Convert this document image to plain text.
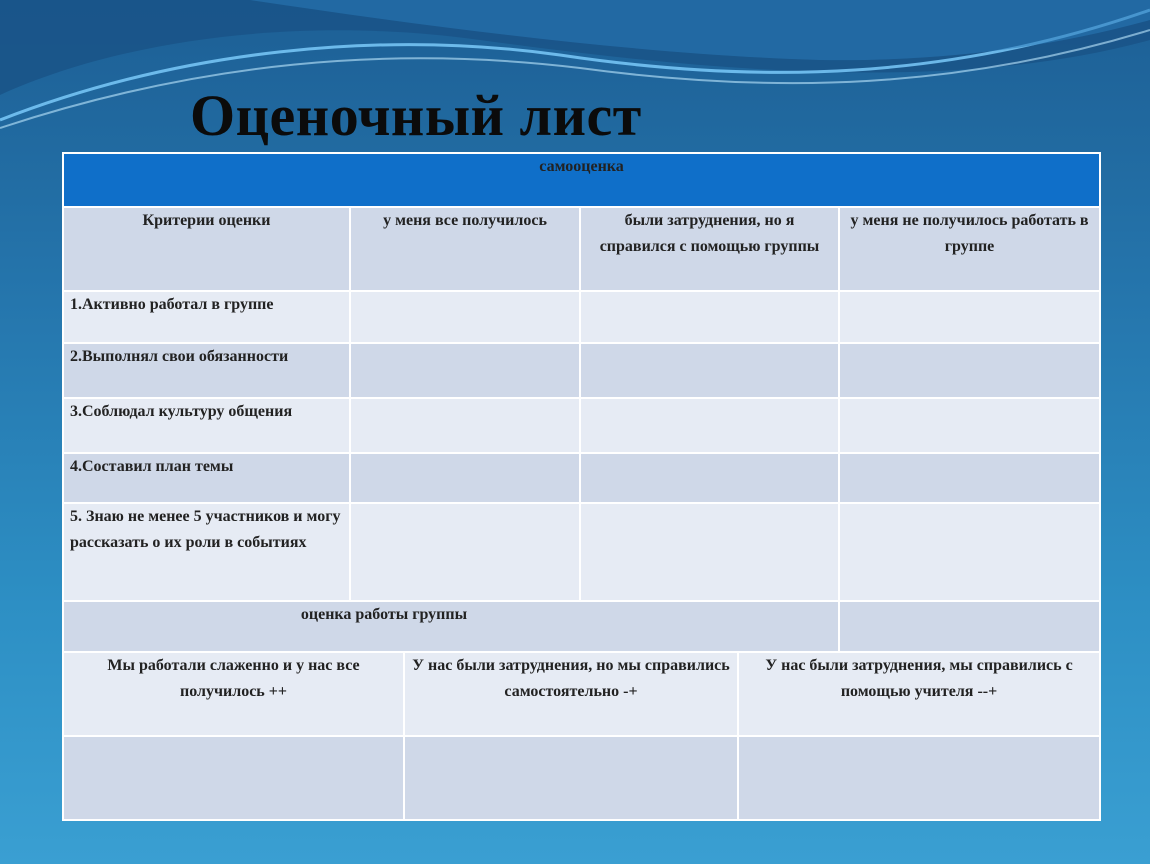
Оценочный лист
самооценка					
Критерии оценки	у меня все получилось		были затруднения, но я справился с помощью группы		у меня не получилось работать в группе
1.Активно работал в группе					
2.Выполнял свои обязанности					
3.Соблюдал культуру общения					
4.Составил план темы					
5. Знаю не менее 5 участников и могу рассказать о их роли в событиях					
оценка работы группы					
Мы работали слаженно и у нас все получилось ++		У нас были затруднения, но мы справились самостоятельно -+		У нас были затруднения, мы справились с помощью учителя --+	
